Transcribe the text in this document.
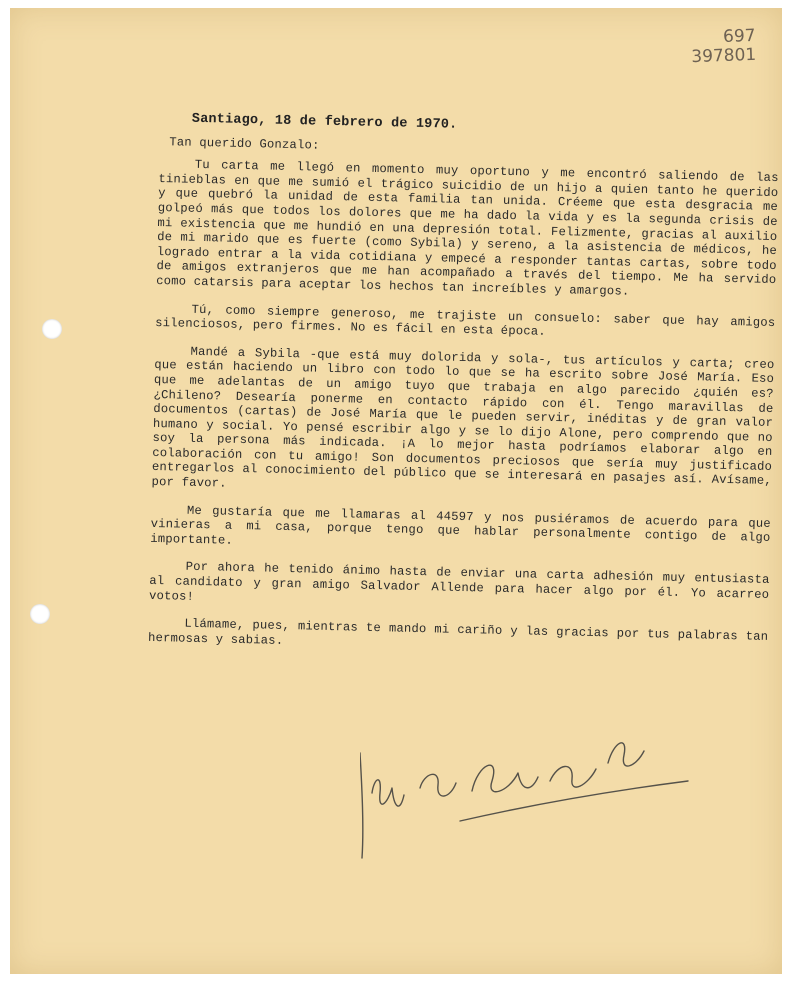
697
397801
Santiago, 18 de febrero de 1970.
Tan querido Gonzalo:

Tu carta me llegó en momento muy oportuno y me encontró saliendo de las tinieblas en que me sumió el trágico suicidio de un hijo a quien tanto he querido y que quebró la unidad de esta familia tan unida. Créeme que esta desgracia me golpeó más que todos los dolores que me ha dado la vida y es la segunda crisis de mi existencia que me hundió en una depresión total. Felizmente, gracias al auxilio de mi marido que es fuerte (como Sybila) y sereno, a la asistencia de médicos, he logrado entrar a la vida cotidiana y empecé a responder tantas cartas, sobre todo de amigos extranjeros que me han acompañado a través del tiempo. Me ha servido como catarsis para aceptar los hechos tan increíbles y amargos.

Tú, como siempre generoso, me trajiste un consuelo: saber que hay amigos silenciosos, pero firmes. No es fácil en esta época.

Mandé a Sybila -que está muy dolorida y sola-, tus artículos y carta; creo que están haciendo un libro con todo lo que se ha escrito sobre José María. Eso que me adelantas de un amigo tuyo que trabaja en algo parecido ¿quién es? ¿Chileno? Desearía ponerme en contacto rápido con él. Tengo maravillas de documentos (cartas) de José María que le pueden servir, inéditas y de gran valor humano y social. Yo pensé escribir algo y se lo dijo Alone, pero comprendo que no soy la persona más indicada. ¡A lo mejor hasta podríamos elaborar algo en colaboración con tu amigo! Son documentos preciosos que sería muy justificado entregarlos al conocimiento del público que se interesará en pasajes así. Avísame, por favor.

Me gustaría que me llamaras al 44597 y nos pusiéramos de acuerdo para que vinieras a mi casa, porque tengo que hablar personalmente contigo de algo importante.

Por ahora he tenido ánimo hasta de enviar una carta adhesión muy entusiasta al candidato y gran amigo Salvador Allende para hacer algo por él. Yo acarreo votos!

Llámame, pues, mientras te mando mi cariño y las gracias por tus palabras tan hermosas y sabias.
